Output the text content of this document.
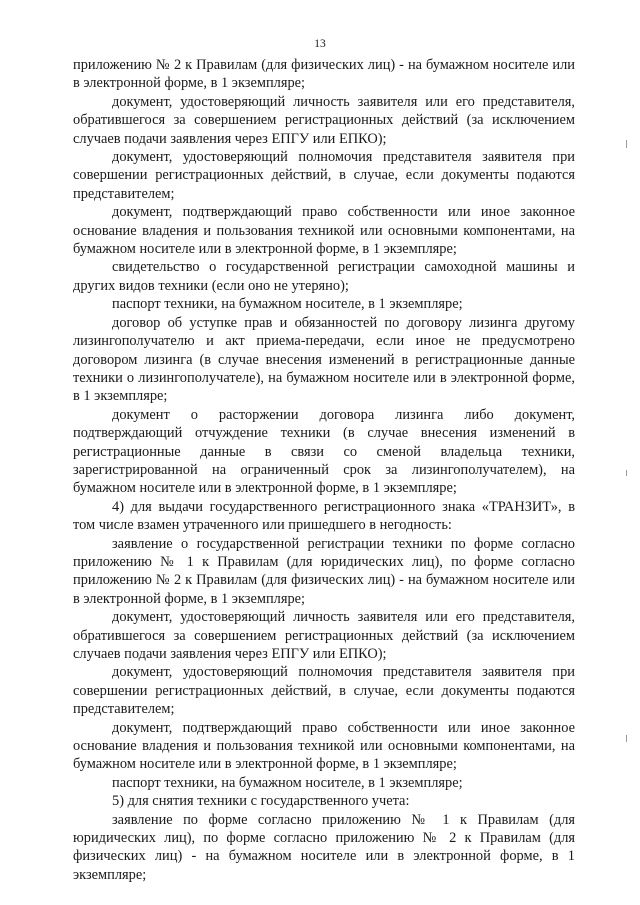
13

приложению № 2 к Правилам (для физических лиц) - на бумажном носителе или в электронной форме, в 1 экземпляре;

документ, удостоверяющий личность заявителя или его представителя, обратившегося за совершением регистрационных действий (за исключением случаев подачи заявления через ЕПГУ или ЕПКО);

документ, удостоверяющий полномочия представителя заявителя при совершении регистрационных действий, в случае, если документы подаются представителем;

документ, подтверждающий право собственности или иное законное основание владения и пользования техникой или основными компонентами, на бумажном носителе или в электронной форме, в 1 экземпляре;

свидетельство о государственной регистрации самоходной машины и других видов техники (если оно не утеряно);

паспорт техники, на бумажном носителе, в 1 экземпляре;

договор об уступке прав и обязанностей по договору лизинга другому лизингополучателю и акт приема-передачи, если иное не предусмотрено договором лизинга (в случае внесения изменений в регистрационные данные техники о лизингополучателе), на бумажном носителе или в электронной форме, в 1 экземпляре;

документ о расторжении договора лизинга либо документ, подтверждающий отчуждение техники (в случае внесения изменений в регистрационные данные в связи со сменой владельца техники, зарегистрированной на ограниченный срок за лизингополучателем), на бумажном носителе или в электронной форме, в 1 экземпляре;

4) для выдачи государственного регистрационного знака «ТРАНЗИТ», в том числе взамен утраченного или пришедшего в негодность:

заявление о государственной регистрации техники по форме согласно приложению № 1 к Правилам (для юридических лиц), по форме согласно приложению № 2 к Правилам (для физических лиц) - на бумажном носителе или в электронной форме, в 1 экземпляре;

документ, удостоверяющий личность заявителя или его представителя, обратившегося за совершением регистрационных действий (за исключением случаев подачи заявления через ЕПГУ или ЕПКО);

документ, удостоверяющий полномочия представителя заявителя при совершении регистрационных действий, в случае, если документы подаются представителем;

документ, подтверждающий право собственности или иное законное основание владения и пользования техникой или основными компонентами, на бумажном носителе или в электронной форме, в 1 экземпляре;

паспорт техники, на бумажном носителе, в 1 экземпляре;

5) для снятия техники с государственного учета:

заявление по форме согласно приложению № 1 к Правилам (для юридических лиц), по форме согласно приложению № 2 к Правилам (для физических лиц) - на бумажном носителе или в электронной форме, в 1 экземпляре;
